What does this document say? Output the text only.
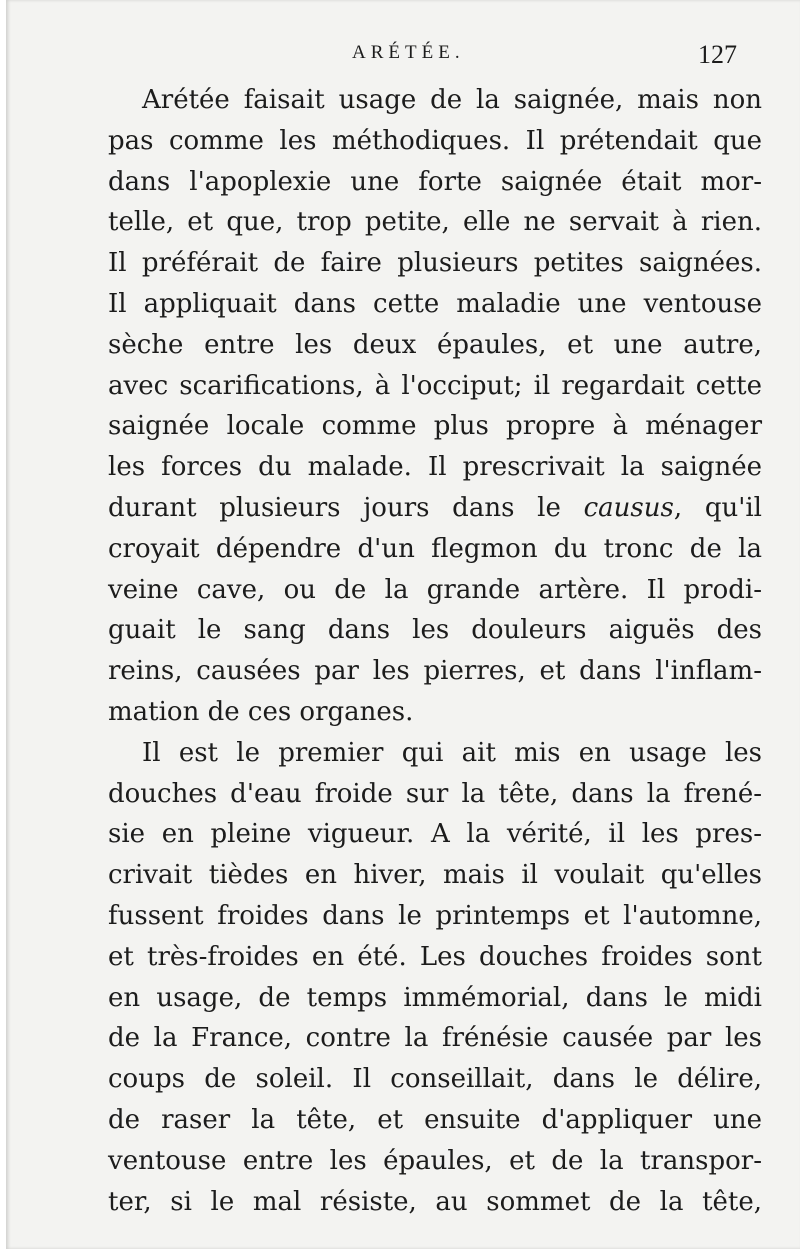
ARÉTÉE.	127
Arétée faisait usage de la saignée, mais non
pas comme les méthodiques. Il prétendait que
dans l'apoplexie une forte saignée était mor-
telle, et que, trop petite, elle ne servait à rien.
Il préférait de faire plusieurs petites saignées.
Il appliquait dans cette maladie une ventouse
sèche entre les deux épaules, et une autre,
avec scarifications, à l'occiput; il regardait cette
saignée locale comme plus propre à ménager
les forces du malade. Il prescrivait la saignée
durant plusieurs jours dans le causus, qu'il
croyait dépendre d'un flegmon du tronc de la
veine cave, ou de la grande artère. Il prodi-
guait le sang dans les douleurs aiguës des
reins, causées par les pierres, et dans l'inflam-
mation de ces organes.
Il est le premier qui ait mis en usage les
douches d'eau froide sur la tête, dans la frené-
sie en pleine vigueur. A la vérité, il les pres-
crivait tièdes en hiver, mais il voulait qu'elles
fussent froides dans le printemps et l'automne,
et très-froides en été. Les douches froides sont
en usage, de temps immémorial, dans le midi
de la France, contre la frénésie causée par les
coups de soleil. Il conseillait, dans le délire,
de raser la tête, et ensuite d'appliquer une
ventouse entre les épaules, et de la transpor-
ter, si le mal résiste, au sommet de la tête,
